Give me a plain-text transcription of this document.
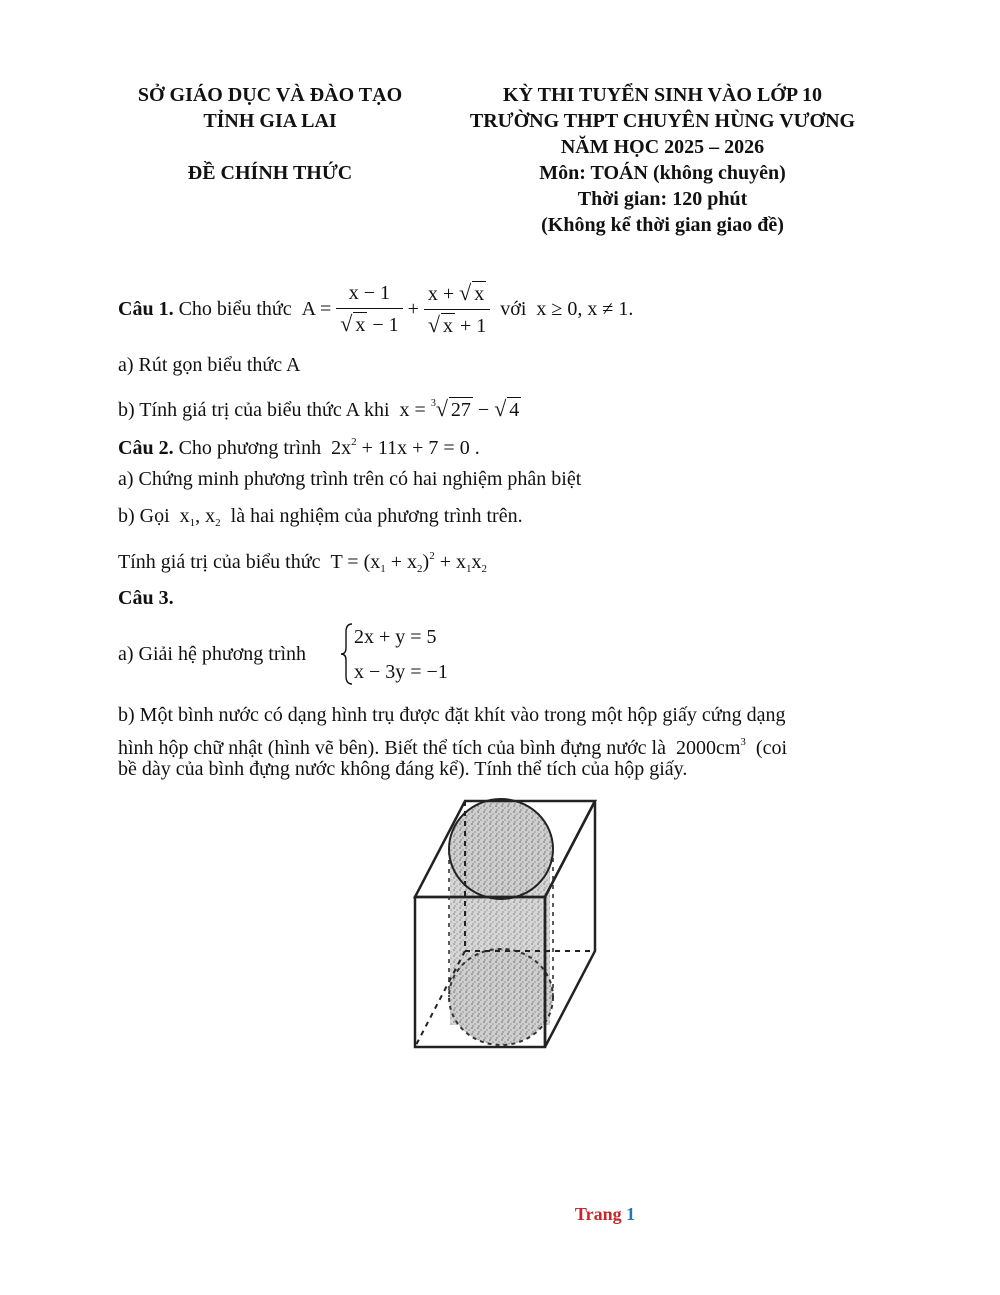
SỞ GIÁO DỤC VÀ ĐÀO TẠO
TỈNH GIA LAI
ĐỀ CHÍNH THỨC
KỲ THI TUYỂN SINH VÀO LỚP 10
TRƯỜNG THPT CHUYÊN HÙNG VƯƠNG
NĂM HỌC 2025 – 2026
Môn: TOÁN (không chuyên)
Thời gian: 120 phút
(Không kể thời gian giao đề)
Câu 1.
Cho biểu thức
A =
$\frac{x - 1}{√ x - 1}$
+
$\frac{x + √ x}{√ x + 1}$
với
x ≥ 0, x ≠ 1.
a) Rút gọn biểu thức A
b) Tính giá trị của biểu thức A khi x = $^3$√ 27 − √ 4
Câu 2. Cho phương trình $2x^2 + 11x + 7 = 0$ .
a) Chứng minh phương trình trên có hai nghiệm phân biệt
b) Gọi $x_1$, $x_2$ là hai nghiệm của phương trình trên.
Tính giá trị của biểu thức $T = (x_1 + x_2)^2 + x_1x_2$
Câu 3.
a) Giải hệ phương trình
2x + y = 5
x − 3y = −1
b) Một bình nước có dạng hình trụ được đặt khít vào trong một hộp giấy cứng dạng
hình hộp chữ nhật (hình vẽ bên). Biết thể tích của bình đựng nước là $2000cm^3$ (coi
bề dày của bình đựng nước không đáng kể). Tính thể tích của hộp giấy.
Trang 1
